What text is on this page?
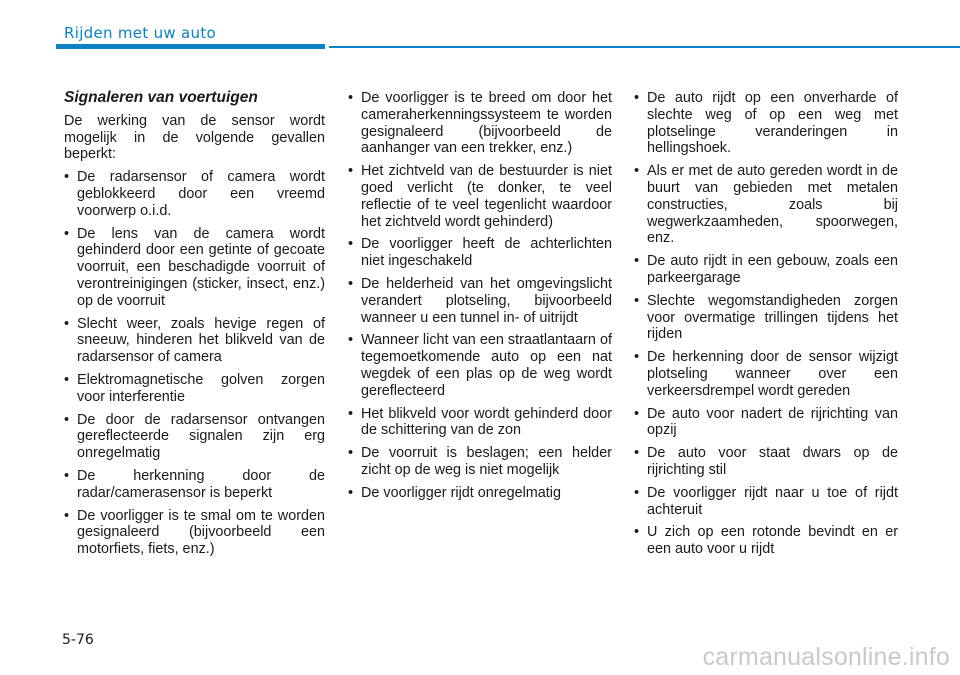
Rijden met uw auto
Signaleren van voertuigen
De werking van de sensor wordt mogelijk in de volgende gevallen beperkt:
• De radarsensor of camera wordt geblokkeerd door een vreemd voorwerp o.i.d.
• De lens van de camera wordt gehinderd door een getinte of gecoate voorruit, een beschadigde voorruit of verontreinigingen (sticker, insect, enz.) op de voorruit
• Slecht weer, zoals hevige regen of sneeuw, hinderen het blikveld van de radarsensor of camera
• Elektromagnetische golven zorgen voor interferentie
• De door de radarsensor ontvangen gereflecteerde signalen zijn erg onregelmatig
• De herkenning door de radar/camerasensor is beperkt
• De voorligger is te smal om te worden gesignaleerd (bijvoorbeeld een motorfiets, fiets, enz.)
• De voorligger is te breed om door het cameraherkenningssysteem te worden gesignaleerd (bijvoorbeeld de aanhanger van een trekker, enz.)
• Het zichtveld van de bestuurder is niet goed verlicht (te donker, te veel reflectie of te veel tegenlicht waardoor het zichtveld wordt gehinderd)
• De voorligger heeft de achterlichten niet ingeschakeld
• De helderheid van het omgevingslicht verandert plotseling, bijvoorbeeld wanneer u een tunnel in- of uitrijdt
• Wanneer licht van een straatlantaarn of tegemoetkomende auto op een nat wegdek of een plas op de weg wordt gereflecteerd
• Het blikveld voor wordt gehinderd door de schittering van de zon
• De voorruit is beslagen; een helder zicht op de weg is niet mogelijk
• De voorligger rijdt onregelmatig
• De auto rijdt op een onverharde of slechte weg of op een weg met plotselinge veranderingen in hellingshoek.
• Als er met de auto gereden wordt in de buurt van gebieden met metalen constructies, zoals bij wegwerkzaamheden, spoorwegen, enz.
• De auto rijdt in een gebouw, zoals een parkeergarage
• Slechte wegomstandigheden zorgen voor overmatige trillingen tijdens het rijden
• De herkenning door de sensor wijzigt plotseling wanneer over een verkeersdrempel wordt gereden
• De auto voor nadert de rijrichting van opzij
• De auto voor staat dwars op de rijrichting stil
• De voorligger rijdt naar u toe of rijdt achteruit
• U zich op een rotonde bevindt en er een auto voor u rijdt
5-76
carmanualsonline.info
